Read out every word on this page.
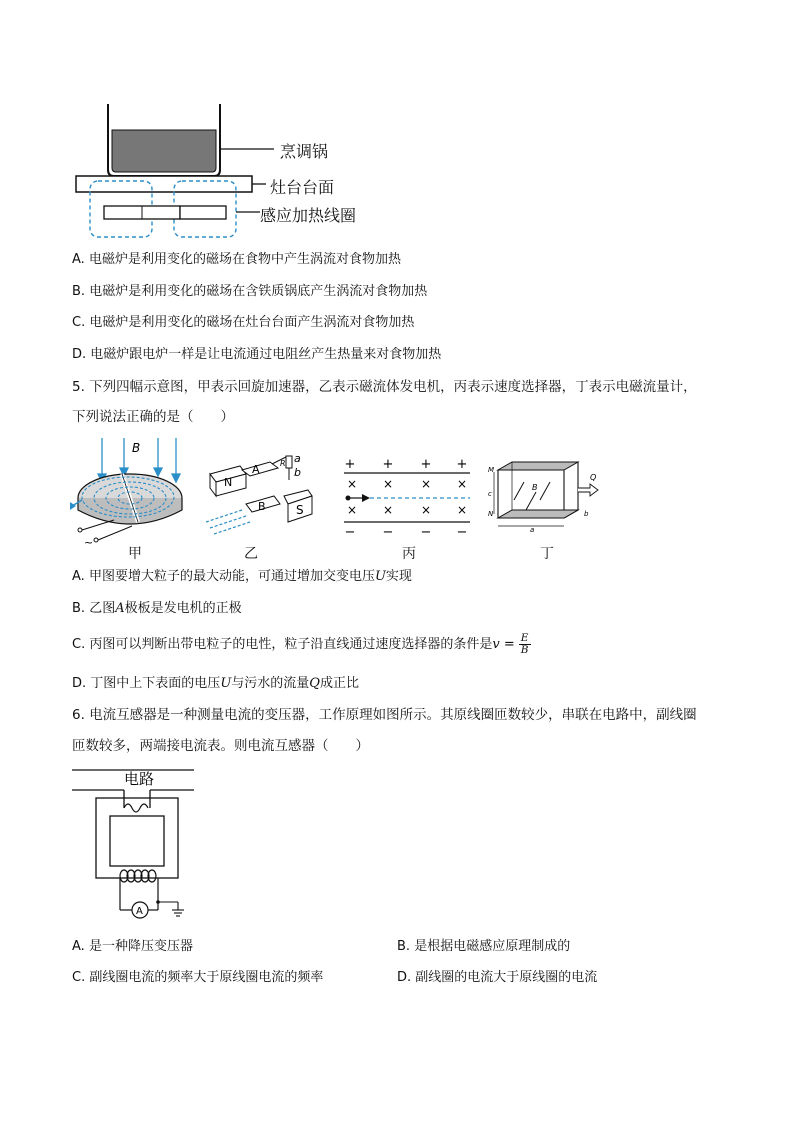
烹调锅
灶台台面
感应加热线圈
A. 电磁炉是利用变化的磁场在食物中产生涡流对食物加热
B. 电磁炉是利用变化的磁场在含铁质锅底产生涡流对食物加热
C. 电磁炉是利用变化的磁场在灶台台面产生涡流对食物加热
D. 电磁炉跟电炉一样是让电流通过电阻丝产生热量来对食物加热
5. 下列四幅示意图，甲表示回旋加速器，乙表示磁流体发电机，丙表示速度选择器，丁表示电磁流量计，
下列说法正确的是（　　）
B
~
甲
N
A
B	S
a
b
R
乙
+ + + +
× × × ×
× × ×
×
− − − −
丙
B
Q
M
N
c
a
b
丁
A. 甲图要增大粒子的最大动能，可通过增加交变电压U实现
B. 乙图A极板是发电机的正极
C. 丙图可以判断出带电粒子的电性，粒子沿直线通过速度选择器的条件是$v = \frac{E}{B}$
D. 丁图中上下表面的电压U与污水的流量Q成正比
6. 电流互感器是一种测量电流的变压器，工作原理如图所示。其原线圈匝数较少，串联在电路中，副线圈
匝数较多，两端接电流表。则电流互感器（　　）
电路
A
A. 是一种降压变压器	B. 是根据电磁感应原理制成的
C. 副线圈电流的频率大于原线圈电流的频率	D. 副线圈的电流大于原线圈的电流
